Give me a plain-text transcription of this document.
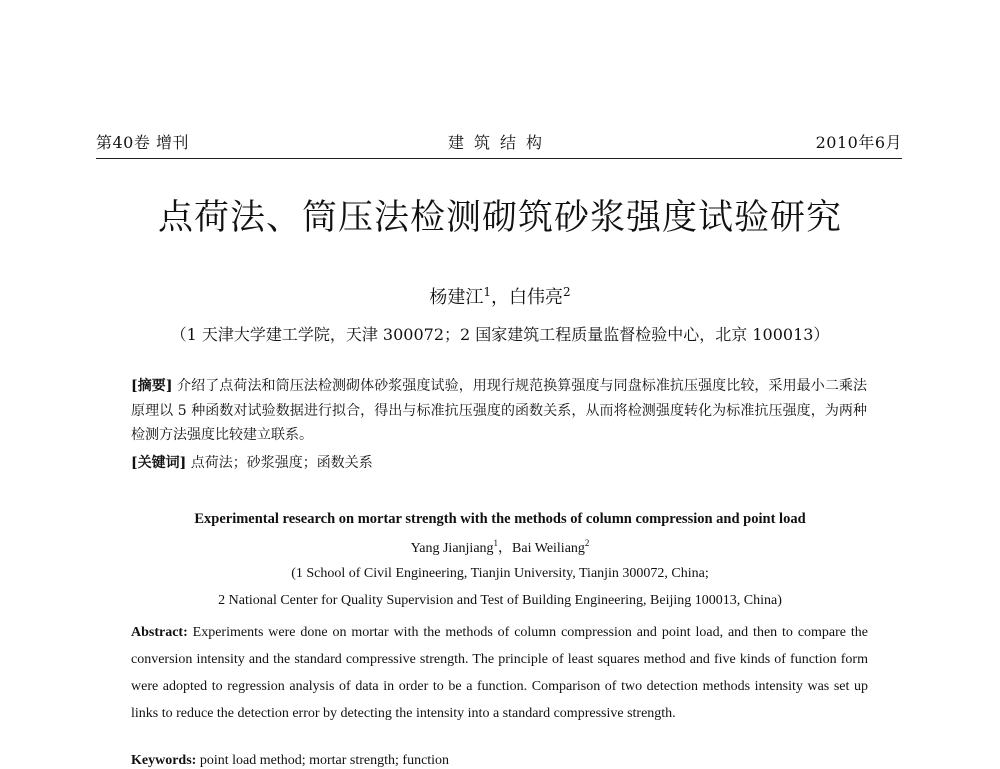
第40卷 增刊	建筑结构	2010年6月
点荷法、筒压法检测砌筑砂浆强度试验研究
杨建江$^1$，白伟亮$^2$
（1 天津大学建工学院，天津 300072；2 国家建筑工程质量监督检验中心，北京 100013）
[摘要] 介绍了点荷法和筒压法检测砌体砂浆强度试验，用现行规范换算强度与同盘标准抗压强度比较，采用最小二乘法原理以 5 种函数对试验数据进行拟合，得出与标准抗压强度的函数关系，从而将检测强度转化为标准抗压强度，为两种检测方法强度比较建立联系。
[关键词] 点荷法；砂浆强度；函数关系
Experimental research on mortar strength with the methods of column compression and point load
Yang Jianjiang$^1$，Bai Weiliang$^2$
(1 School of Civil Engineering, Tianjin University, Tianjin 300072, China;
2 National Center for Quality Supervision and Test of Building Engineering, Beijing 100013, China)
Abstract: Experiments were done on mortar with the methods of column compression and point load, and then to compare the conversion intensity and the standard compressive strength. The principle of least squares method and five kinds of function form were adopted to regression analysis of data in order to be a function. Comparison of two detection methods intensity was set up links to reduce the detection error by detecting the intensity into a standard compressive strength.
Keywords: point load method; mortar strength; function
